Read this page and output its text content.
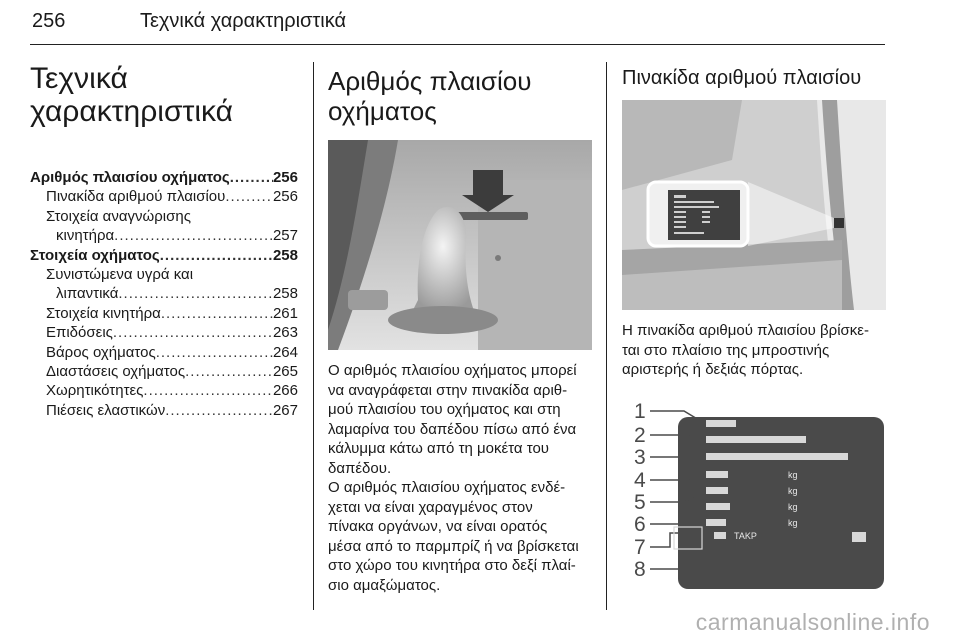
256	Τεχνικά χαρακτηριστικά
Τεχνικά
χαρακτηριστικά
Αριθμός πλαισίου οχήματος .....	256
Πινακίδα αριθμού πλαισίου .....	256
Στοιχεία αναγνώρισης
κινητήρα .....	257
Στοιχεία οχήματος .....	258
Συνιστώμενα υγρά και
λιπαντικά .....	258
Στοιχεία κινητήρα .....	261
Επιδόσεις .....	263
Βάρος οχήματος .....	264
Διαστάσεις οχήματος .....	265
Χωρητικότητες .....	266
Πιέσεις ελαστικών .....	267
Αριθμός πλαισίου
οχήματος
Ο αριθμός πλαισίου οχήματος μπορεί
να αναγράφεται στην πινακίδα αριθ-
μού πλαισίου του οχήματος και στη
λαμαρίνα του δαπέδου πίσω από ένα
κάλυμμα κάτω από τη μοκέτα του
δαπέδου.
Ο αριθμός πλαισίου οχήματος ενδέ-
χεται να είναι χαραγμένος στον
πίνακα οργάνων, να είναι ορατός
μέσα από το παρμπρίζ ή να βρίσκεται
στο χώρο του κινητήρα στο δεξί πλαί-
σιο αμαξώματος.
Πινακίδα αριθμού πλαισίου
Η πινακίδα αριθμού πλαισίου βρίσκε-
ται στο πλαίσιο της μπροστινής
αριστερής ή δεξιάς πόρτας.
kg
kg
kg
kg
TAKP
1
2
3
4
5
6
7
8
carmanualsonline.info
